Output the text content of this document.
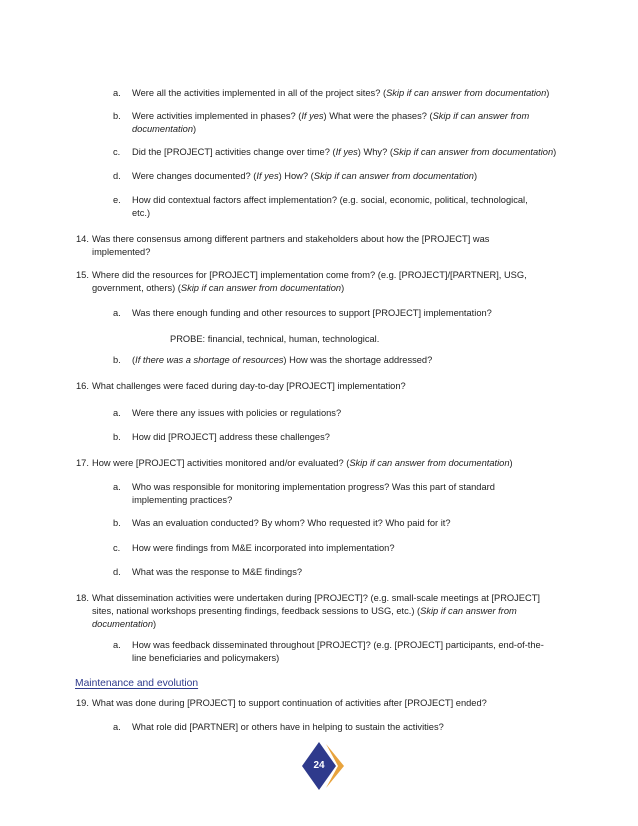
a. Were all the activities implemented in all of the project sites? (Skip if can answer from documentation)
b. Were activities implemented in phases? (If yes) What were the phases? (Skip if can answer from
documentation)
c. Did the [PROJECT] activities change over time? (If yes) Why? (Skip if can answer from documentation)
d. Were changes documented? (If yes) How? (Skip if can answer from documentation)
e. How did contextual factors affect implementation? (e.g. social, economic, political, technological,
etc.)
14. Was there consensus among different partners and stakeholders about how the [PROJECT] was
implemented?
15. Where did the resources for [PROJECT] implementation come from? (e.g. [PROJECT]/[PARTNER], USG,
government, others) (Skip if can answer from documentation)
a. Was there enough funding and other resources to support [PROJECT] implementation?
b. (If there was a shortage of resources) How was the shortage addressed?
16. What challenges were faced during day-to-day [PROJECT] implementation?
a. Were there any issues with policies or regulations?
b. How did [PROJECT] address these challenges?
17. How were [PROJECT] activities monitored and/or evaluated? (Skip if can answer from documentation)
a. Who was responsible for monitoring implementation progress? Was this part of standard
implementing practices?
b. Was an evaluation conducted? By whom? Who requested it? Who paid for it?
c. How were findings from M&E incorporated into implementation?
d. What was the response to M&E findings?
18. What dissemination activities were undertaken during [PROJECT]? (e.g. small-scale meetings at [PROJECT]
sites, national workshops presenting findings, feedback sessions to USG, etc.) (Skip if can answer from
documentation)
a. How was feedback disseminated throughout [PROJECT]? (e.g. [PROJECT] participants, end-of-the-
line beneficiaries and policymakers)
19. What was done during [PROJECT] to support continuation of activities after [PROJECT] ended?
a. What role did [PARTNER] or others have in helping to sustain the activities?
PROBE: financial, technical, human, technological.
Maintenance and evolution
24
